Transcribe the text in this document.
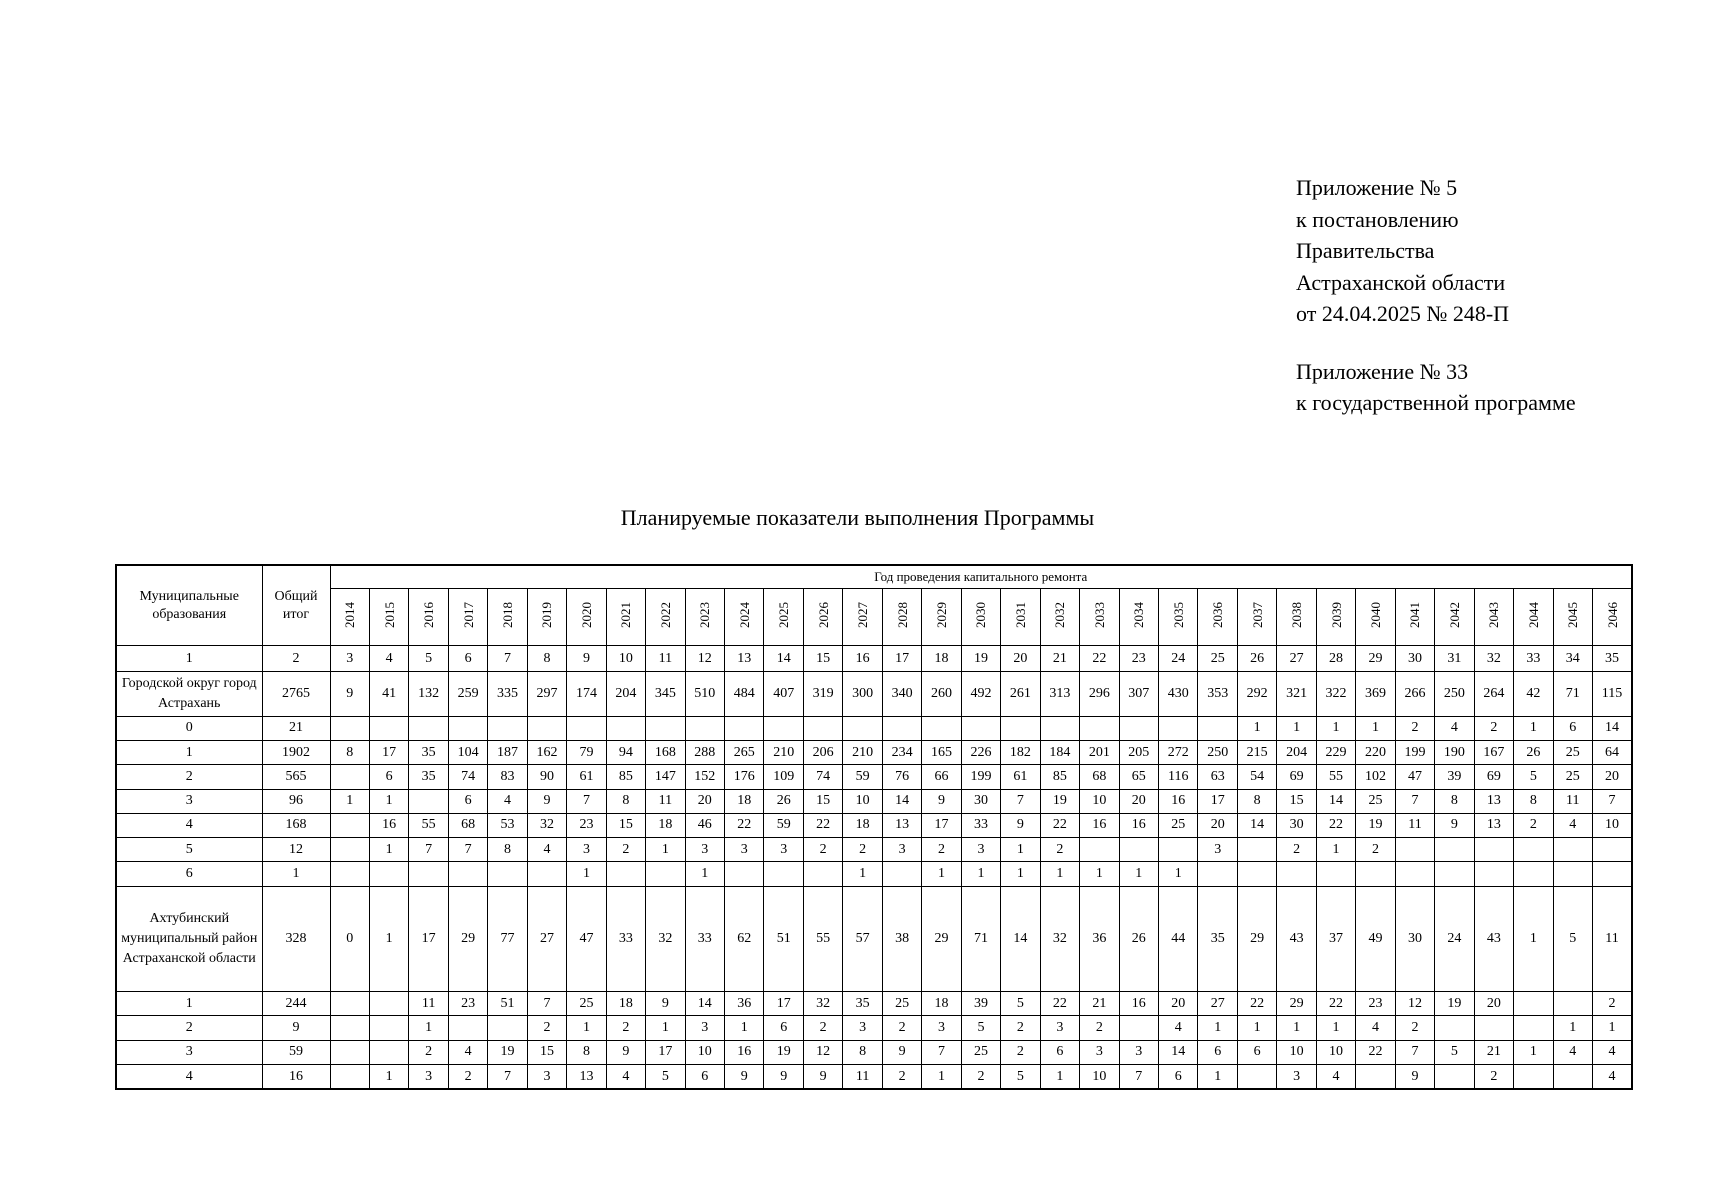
Приложение № 5
к постановлению
Правительства
Астраханской области
от 24.04.2025 № 248-П
Приложение № 33
к государственной программе
Планируемые показатели выполнения Программы
Муниципальные образования	Общий итог	Год проведения капитального ремонта																																
		2014	2015	2016	2017	2018	2019	2020	2021	2022	2023	2024	2025	2026	2027	2028	2029	2030	2031	2032	2033	2034	2035	2036	2037	2038	2039	2040	2041	2042	2043	2044	2045	2046
1	2	3	4	5	6	7	8	9	10	11	12	13	14	15	16	17	18	19	20	21	22	23	24	25	26	27	28	29	30	31	32	33	34	35
Городской округ город Астрахань	2765	9	41	132	259	335	297	174	204	345	510	484	407	319	300	340	260	492	261	313	296	307	430	353	292	321	322	369	266	250	264	42	71	115
0	21																								1	1	1	1	2	4	2	1	6	14
1	1902	8	17	35	104	187	162	79	94	168	288	265	210	206	210	234	165	226	182	184	201	205	272	250	215	204	229	220	199	190	167	26	25	64
2	565		6	35	74	83	90	61	85	147	152	176	109	74	59	76	66	199	61	85	68	65	116	63	54	69	55	102	47	39	69	5	25	20
3	96	1	1		6	4	9	7	8	11	20	18	26	15	10	14	9	30	7	19	10	20	16	17	8	15	14	25	7	8	13	8	11	7
4	168		16	55	68	53	32	23	15	18	46	22	59	22	18	13	17	33	9	22	16	16	25	20	14	30	22	19	11	9	13	2	4	10
5	12		1	7	7	8	4	3	2	1	3	3	3	2	2	3	2	3	1	2				3		2	1	2						
6	1							1			1				1		1	1	1	1	1	1	1											
Ахтубинский муниципальный район Астраханской области	328	0	1	17	29	77	27	47	33	32	33	62	51	55	57	38	29	71	14	32	36	26	44	35	29	43	37	49	30	24	43	1	5	11
1	244			11	23	51	7	25	18	9	14	36	17	32	35	25	18	39	5	22	21	16	20	27	22	29	22	23	12	19	20			2
2	9			1			2	1	2	1	3	1	6	2	3	2	3	5	2	3	2		4	1	1	1	1	4	2				1	1
3	59			2	4	19	15	8	9	17	10	16	19	12	8	9	7	25	2	6	3	3	14	6	6	10	10	22	7	5	21	1	4	4
4	16		1	3	2	7	3	13	4	5	6	9	9	9	11	2	1	2	5	1	10	7	6	1		3	4		9		2			4
